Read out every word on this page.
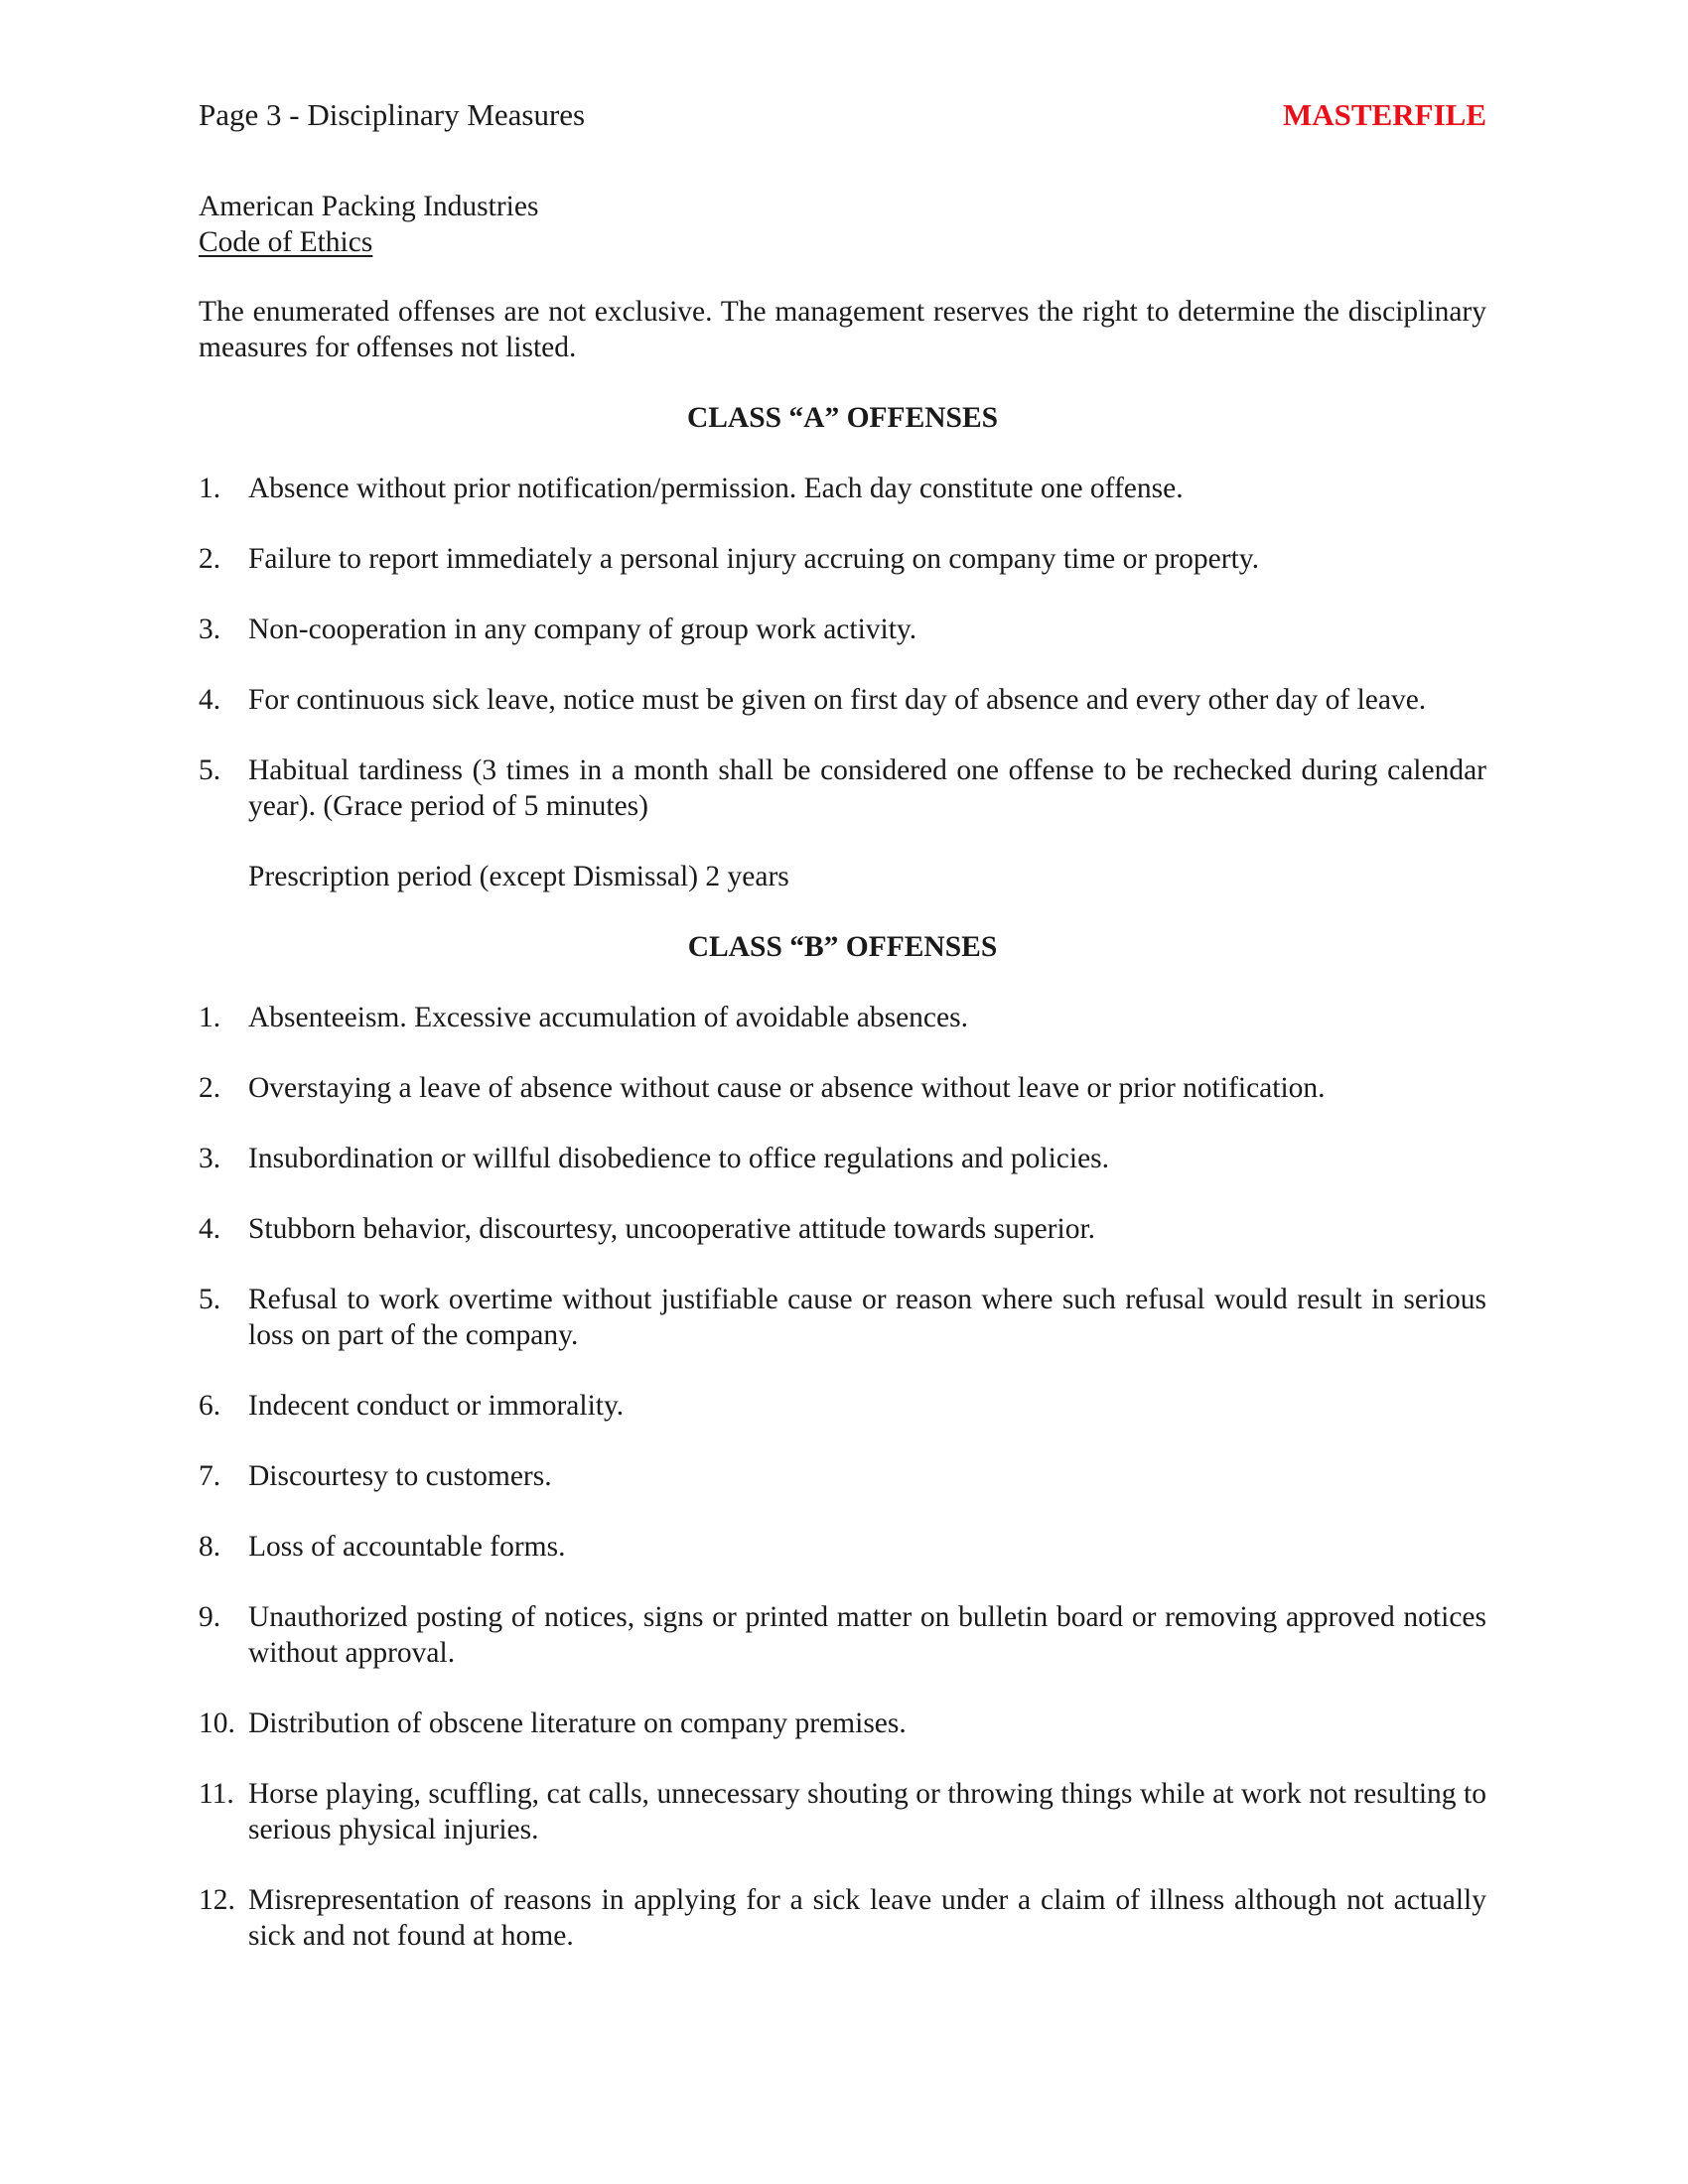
Page 3 - Disciplinary Measures	MASTERFILE
American Packing Industries
Code of Ethics
The enumerated offenses are not exclusive. The management reserves the right to determine the disciplinary measures for offenses not listed.
CLASS “A” OFFENSES
1. Absence without prior notification/permission. Each day constitute one offense.
2. Failure to report immediately a personal injury accruing on company time or property.
3. Non-cooperation in any company of group work activity.
4. For continuous sick leave, notice must be given on first day of absence and every other day of leave.
5. Habitual tardiness (3 times in a month shall be considered one offense to be rechecked during calendar year). (Grace period of 5 minutes)
Prescription period (except Dismissal) 2 years
CLASS “B” OFFENSES
1. Absenteeism. Excessive accumulation of avoidable absences.
2. Overstaying a leave of absence without cause or absence without leave or prior notification.
3. Insubordination or willful disobedience to office regulations and policies.
4. Stubborn behavior, discourtesy, uncooperative attitude towards superior.
5. Refusal to work overtime without justifiable cause or reason where such refusal would result in serious loss on part of the company.
6. Indecent conduct or immorality.
7. Discourtesy to customers.
8. Loss of accountable forms.
9. Unauthorized posting of notices, signs or printed matter on bulletin board or removing approved notices without approval.
10. Distribution of obscene literature on company premises.
11. Horse playing, scuffling, cat calls, unnecessary shouting or throwing things while at work not resulting to serious physical injuries.
12. Misrepresentation of reasons in applying for a sick leave under a claim of illness although not actually sick and not found at home.
